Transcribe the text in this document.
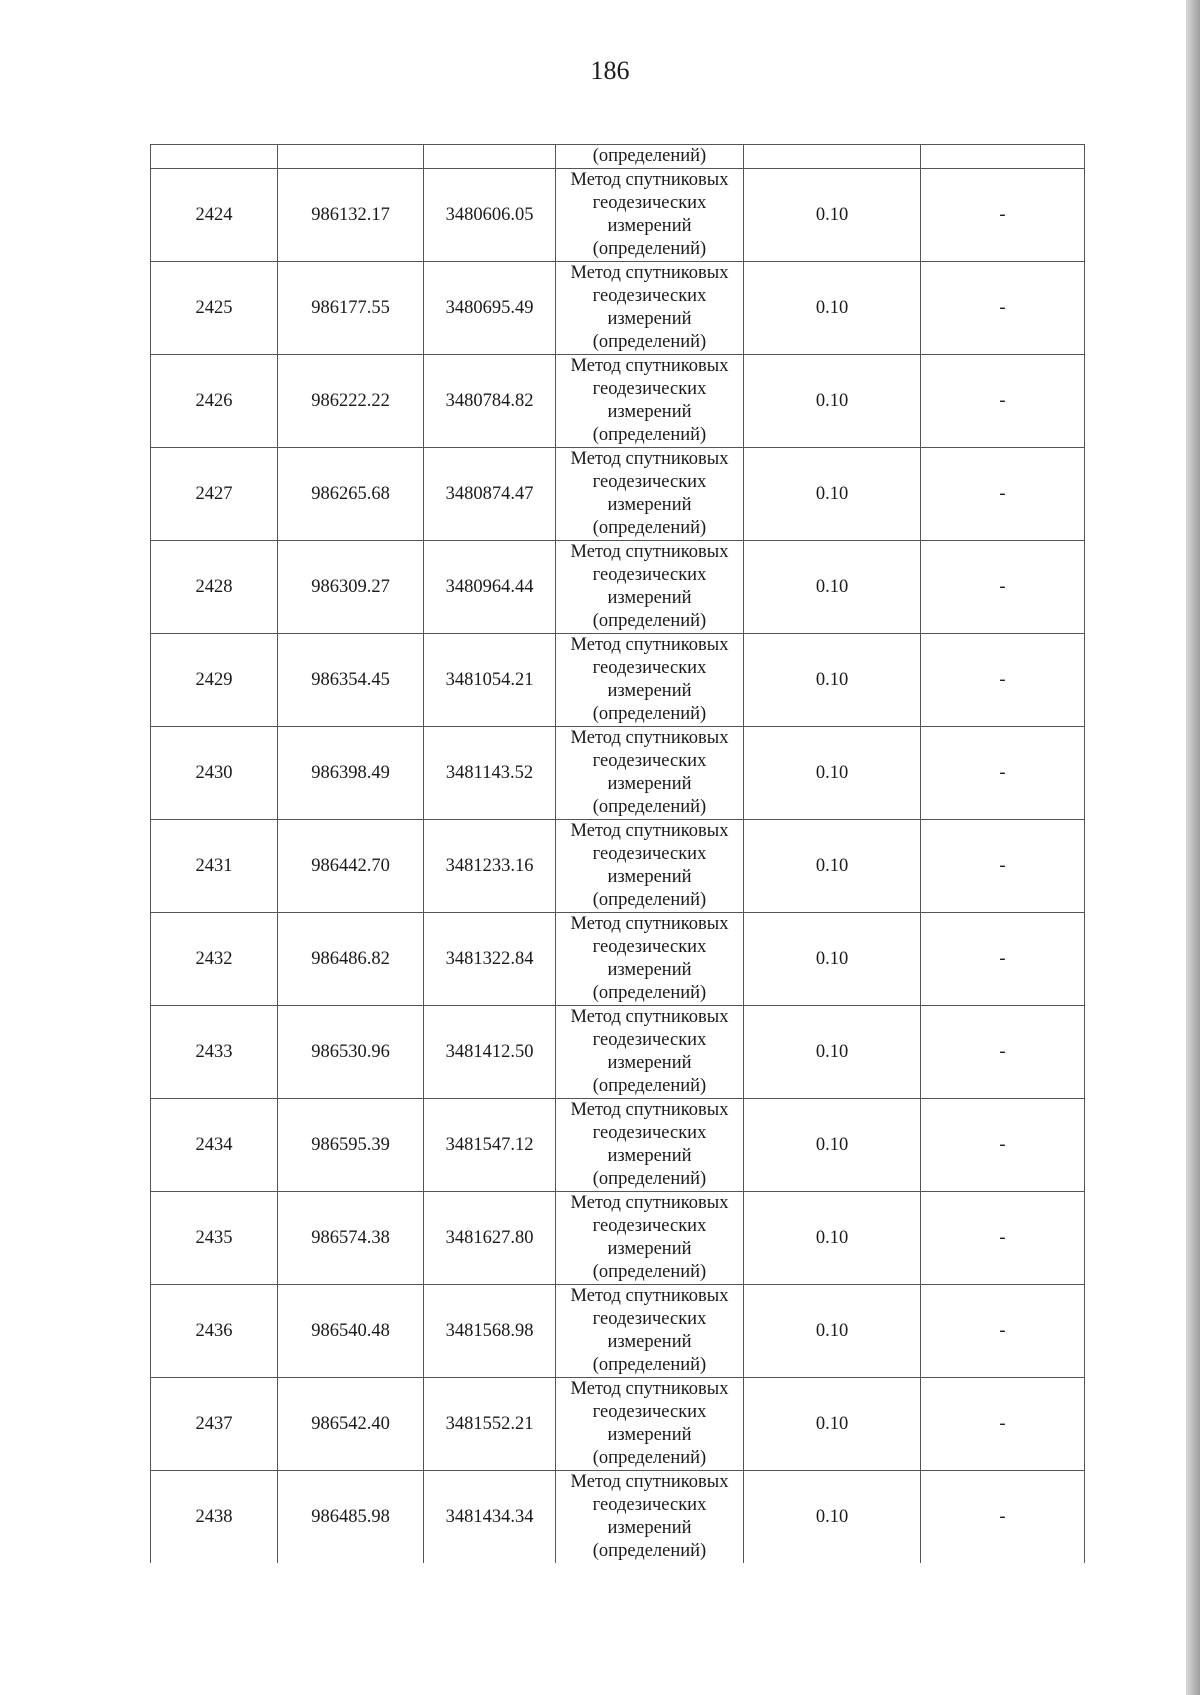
186
			(определений)		
2424	986132.17	3480606.05	Метод спутниковых геодезических измерений (определений)	0.10	-
2425	986177.55	3480695.49	Метод спутниковых геодезических измерений (определений)	0.10	-
2426	986222.22	3480784.82	Метод спутниковых геодезических измерений (определений)	0.10	-
2427	986265.68	3480874.47	Метод спутниковых геодезических измерений (определений)	0.10	-
2428	986309.27	3480964.44	Метод спутниковых геодезических измерений (определений)	0.10	-
2429	986354.45	3481054.21	Метод спутниковых геодезических измерений (определений)	0.10	-
2430	986398.49	3481143.52	Метод спутниковых геодезических измерений (определений)	0.10	-
2431	986442.70	3481233.16	Метод спутниковых геодезических измерений (определений)	0.10	-
2432	986486.82	3481322.84	Метод спутниковых геодезических измерений (определений)	0.10	-
2433	986530.96	3481412.50	Метод спутниковых геодезических измерений (определений)	0.10	-
2434	986595.39	3481547.12	Метод спутниковых геодезических измерений (определений)	0.10	-
2435	986574.38	3481627.80	Метод спутниковых геодезических измерений (определений)	0.10	-
2436	986540.48	3481568.98	Метод спутниковых геодезических измерений (определений)	0.10	-
2437	986542.40	3481552.21	Метод спутниковых геодезических измерений (определений)	0.10	-
2438	986485.98	3481434.34	Метод спутниковых геодезических измерений (определений)	0.10	-
